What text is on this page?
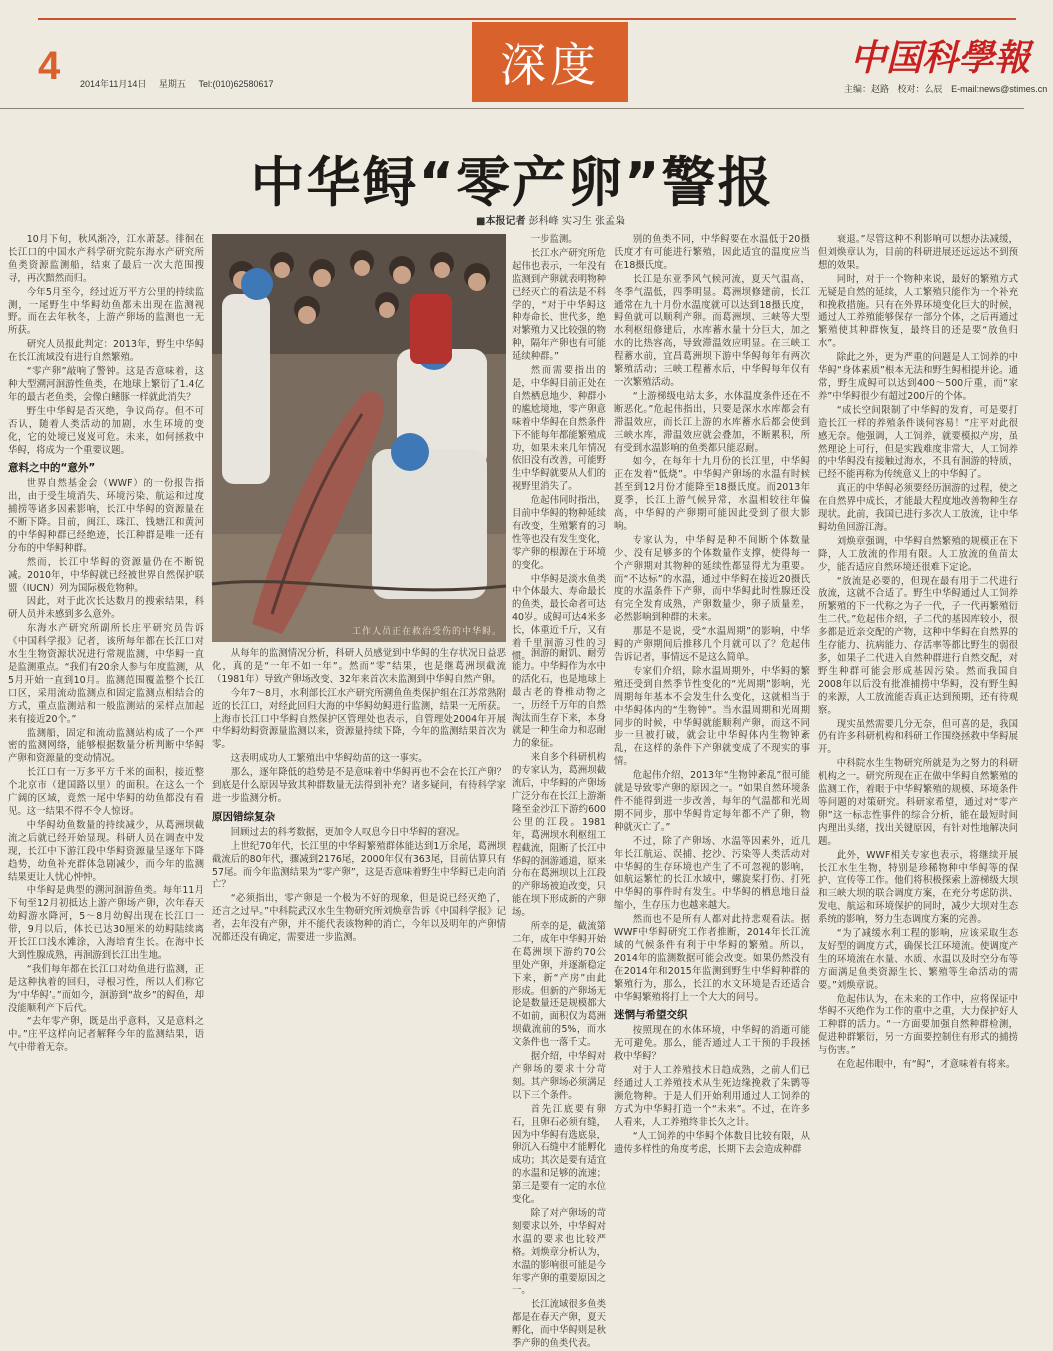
4 2014年11月14日 星期五 Tel:(010)62580617	深度	中国科學報
主编：赵路 校对：么辰 E-mail:news@stimes.cn
中华鲟“零产卵”警报
■本报记者 彭科峰 实习生 张孟枭

10月下旬，秋风渐冷，江水萧瑟。徘徊在长江口的中国水产科学研究院东海水产研究所鱼类资源监测船，结束了最后一次大范围搜寻，再次黯然而归。

今年5月至今，经过近万平方公里的持续监测，一尾野生中华鲟幼鱼都未出现在监测视野。而在去年秋冬，上游产卵场的监测也一无所获。

研究人员报此判定：2013年，野生中华鲟在长江流域没有进行自然繁殖。

“零产卵”敲响了警钟。这是否意味着，这种大型溯河洄游性鱼类，在地球上繁衍了1.4亿年的最古老鱼类，会像白鳍豚一样就此消失？

野生中华鲟是否灭绝，争议尚存。但不可否认，随着人类活动的加剧，水生环境的变化，它的处境已岌岌可危。未来，如何拯救中华鲟，将成为一个重要议题。

意料之中的“意外”

世界自然基金会（WWF）的一份报告指出，由于受生境消失、环境污染、航运和过度捕捞等诸多因素影响，长江中华鲟的资源量在不断下降。目前，闽江、珠江、钱塘江和黄河的中华鲟种群已经绝迹，长江种群是唯一还有分布的中华鲟种群。

然而，长江中华鲟的资源量仍在不断锐减。2010年，中华鲟就已经被世界自然保护联盟（IUCN）列为国际极危物种。

因此，对于此次长达数月的搜索结果，科研人员并未感到多么意外。

东海水产研究所副所长庄平研究员告诉《中国科学报》记者，该所每年都在长江口对水生生物资源状况进行常规监测，中华鲟一直是监测重点。“我们有20余人参与年度监测，从5月开始一直到10月。监测范围覆盖整个长江口区，采用流动监测点和固定监测点相结合的方式，重点监测站和一般监测站的采样点加起来有接近20个。”

监测船，固定和流动监测站构成了一个严密的监测网络，能够根据数量分析判断中华鲟产卵和资源量的变动情况。

长江口有一万多平方千米的面积，接近整个北京市（建国路以里）的面积。在这么一个广阔的区域，竟然一尾中华鲟的幼鱼都没有看见。这一结果不得不令人惊讶。

中华鲟幼鱼数量的持续减少，从葛洲坝截流之后就已经开始显现。科研人员在调查中发现，长江中下游江段中华鲟资源量呈逐年下降趋势，幼鱼补充群体急剧减少，而今年的监测结果更让人忧心忡忡。

中华鲟是典型的溯河洄游鱼类。每年11月下旬至12月初抵达上游产卵场产卵，次年春天幼鲟游水降河，5～8月幼鲟出现在长江口一带，9月以后，体长已达30厘米的幼鲟陆续离开长江口浅水滩涂，入海培育生长。在海中长大到性腺成熟，再洄游到长江出生地。

“我们每年都在长江口对幼鱼进行监测，正是这种执着的回归，寻根习性，所以人们称它为‘中华鲟’。”而如今，洄游到“故乡”的鲟鱼，却没能顺利产下后代。

“去年零产卵，既是出乎意料，又是意料之中。”庄平这样向记者解释今年的监测结果，语气中带着无奈。

工作人员正在救治受伤的中华鲟。

一步监测。

长江水产研究所危起伟也表示，一年没有监测到产卵就表明物种已经灭亡的看法是不科学的，“对于中华鲟这种寿命长、世代多，绝对繁殖力又比较强的物种，隔年产卵也有可能延续种群。”

然而需要指出的是，中华鲟目前正处在自然栖息地少、种群小的尴尬境地，零产卵意味着中华鲟在自然条件下不能每年都能繁殖成功，如果未来几年情况依旧没有改善，可能野生中华鲟就要从人们的视野里消失了。

危起伟同时指出，目前中华鲟的物种延续有改变，生殖繁育的习性等也没有发生变化，零产卵的根源在于环境的变化。

中华鲟是淡水鱼类中个体最大、寿命最长的鱼类，最长命者可达40岁。成鲟可达4米多长，体重近千斤，又有着千里洄游习性的习惯。

从每年的监测情况分析，科研人员感觉到中华鲟的生存状况日益恶化，真的是“一年不如一年”。然而“零”结果，也是继葛洲坝截流（1981年）导致产卵场改变、32年来首次未监测到中华鲟自然产卵。

今年7～8月，水利部长江水产研究所溯鱼鱼类保护组在江苏常熟附近的长江口，对经此回归大海的中华鲟幼鲟进行监测，结果一无所获。上海市长江口中华鲟自然保护区管理处也表示，自管理处2004年开展中华鲟幼鲟资源量监测以来，资源量持续下降，今年的监测结果首次为零。

这表明成功人工繁殖出中华鲟幼苗的这一事实。

那么，逐年降低的趋势是不是意味着中华鲟再也不会在长江产卵？到底是什么原因导致其种群数量无法得到补充？诸多疑问，有待科学家进一步监测分析。

原因错综复杂

回顾过去的科考数据，更加令人叹息今日中华鲟的窘况。

上世纪70年代，长江里的中华鲟繁殖群体能达到1万余尾，葛洲坝截流后的80年代，骤减到2176尾，2000年仅有363尾，目前估算只有57尾。而今年监测结果为“零产卵”，这是否意味着野生中华鲟已走向消亡？

“必须指出，零产卵是一个极为不好的现象，但是说已经灭绝了，还言之过早。”中科院武汉水生生物研究所刘焕章告诉《中国科学报》记者，去年没有产卵，并不能代表该物种的消亡，今年以及明年的产卵情况都还没有确定，需要进一步监测。

洄游的耐饥、耐劳能力。中华鲟作为水中的活化石，也是地球上最古老的脊椎动物之一，历经千万年的自然淘汰而生存下来，本身就是一种生命力和忍耐力的象征。

来自多个科研机构的专家认为，葛洲坝截流后，中华鲟的产卵场广泛分布在长江上游渐隆至金沙江下游约600公里的江段。1981年，葛洲坝水利枢纽工程截流，阻断了长江中华鲟的洄游通道，原来分布在葛洲坝以上江段的产卵场被迫改变，只能在坝下形成新的产卵场。

所幸的是，截流第二年，成年中华鲟开始在葛洲坝下游约70公里处产卵，并逐渐稳定下来，新“产房”由此形成。但新的产卵场无论是数量还是规模都大不如前，面积仅为葛洲坝截流前的5%，而水文条件也一落千丈。

据介绍，中华鲟对产卵场的要求十分苛刻。其产卵场必须满足以下三个条件。

首先江底要有卵石，且卵石必须有缝，因为中华鲟有选底泉，卵沉入石缝中才能孵化成功；其次是要有适宜的水温和足够的流速；第三是要有一定的水位变化。

除了对产卵场的苛刻要求以外，中华鲟对水温的要求也比较严格。刘焕章分析认为，水温的影响很可能是今年零产卵的重要原因之一。

长江流域很多鱼类都是在春天产卵，夏天孵化，而中华鲟则是秋季产卵的鱼类代表。

别的鱼类不同，中华鲟要在水温低于20摄氏度才有可能进行繁殖，因此适宜的温度应当在18摄氏度。

长江是东亚季风气候河流，夏天气温高，冬季气温低，四季明显。葛洲坝修建前，长江通常在九十月份水温度就可以达到18摄氏度，鲟鱼就可以顺利产卵。而葛洲坝、三峡等大型水利枢纽修建后，水库蓄水量十分巨大，加之水的比热容高，导致滞温效应明显。在三峡工程蓄水前，宜昌葛洲坝下游中华鲟每年有两次繁殖活动；三峡工程蓄水后，中华鲟每年仅有一次繁殖活动。

“上游梯级电站太多，水体温度条件还在不断恶化。”危起伟指出，只要是深水水库都会有滞温效应，而长江上游的水库蓄水后都会使到三峡水库，滞温效应就会叠加，不断累积，所有受到水温影响的鱼类都只能忍耐。

如今，在每年十九月份的长江里，中华鲟正在发着“低烧”。中华鲟产卵场的水温有时候甚至到12月份才能降至18摄氏度。而2013年夏季，长江上游气候异常，水温相较往年偏高，中华鲟的产卵期可能因此受到了很大影响。

专家认为，中华鲟是种不间断个体数量少、没有足够多的个体数量作支撑，使得每一个产卵期对其物种的延续性都显得尤为重要。而“不达标”的水温，通过中华鲟在接近20摄氏度的水温条件下产卵，而中华鲟此时性腺还没有完全发育成熟，产卵数量少，卵子质量差，必然影响到种群的未来。

那是不是说，受“水温周期”的影响，中华鲟的产卵期间后推移几个月就可以了？危起伟告诉记者，事情远不是这么简单。

专家们介绍，除水温周期外，中华鲟的繁殖还受到自然季节性变化的“光周期”影响，光周期每年基本不会发生什么变化，这就相当于中华鲟体内的“生物钟”。当水温周期和光周期同步的时候，中华鲟就能顺利产卵，而这不同步一旦被打破，就会让中华鲟体内生物钟紊乱，在这样的条件下产卵就变成了不现实的事情。

危起伟介绍，2013年“生物钟紊乱”很可能就是导致零产卵的原因之一。“如果自然环境条件不能得到进一步改善，每年的气温都和光周期不同步，那中华鲟肯定每年都不产了卵，物种就灭亡了。”

不过，除了产卵场、水温等因素外，近几年长江航运、误捕、挖沙、污染等人类活动对中华鲟的生存环境也产生了不可忽视的影响，如航运繁忙的长江水域中，螺旋桨打伤、打死中华鲟的事件时有发生。中华鲟的栖息地日益缩小，生存压力也越来越大。

然而也不是所有人都对此持悲观看法。据WWF中华鲟研究工作者推断，2014年长江流域的气候条件有利于中华鲟的繁殖。所以，2014年的监测数据可能会改变。如果仍然没有在2014年和2015年监测到野生中华鲟种群的繁殖行为，那么，长江的水文环境是否还适合中华鲟繁殖将打上一个大大的问号。

迷惘与希望交织

按照现在的水体环境，中华鲟的消逝可能无可避免。那么，能否通过人工干预的手段拯救中华鲟？

对于人工养殖技术日趋成熟，之前人们已经通过人工养殖技术从生死边缘挽救了朱鹮等濒危物种。于是人们开始利用通过人工饲养的方式为中华鲟打造一个“未来”。不过，在许多人看来，人工养殖终非长久之计。

“人工饲养的中华鲟个体数目比较有限，从遗传多样性的角度考虑，长期下去会造成种群

衰退。”尽管这种不利影响可以想办法减缓，但刘焕章认为，目前的科研进展还远远达不到预想的效果。

同时，对于一个物种来说，最好的繁殖方式无疑是自然的延续，人工繁殖只能作为一个补充和挽救措施。只有在外界环境变化巨大的时候，通过人工养殖能够保存一部分个体，之后再通过繁殖使其种群恢复，最终目的还是要“放鱼归水”。

除此之外，更为严重的问题是人工饲养的中华鲟“身体素质”根本无法和野生鲟相提并论。通常，野生成鲟可以达到400～500斤重，而“家养”中华鲟很少有超过200斤的个体。

“成长空间限制了中华鲟的发育，可是要打造长江一样的养殖条件谈何容易！”庄平对此很感无奈。他强调，人工饲养，就要模拟产房，虽然理论上可行，但是实践难度非常大，人工饲养的中华鲟没有接触过海水，不具有洄游的特质，已经不能再称为传统意义上的中华鲟了。

真正的中华鲟必须要经历洄游的过程，使之在自然界中成长，才能最大程度地改善物种生存现状。此前，我国已进行多次人工放流，让中华鲟幼鱼回游江海。

刘焕章强调，中华鲟自然繁殖的规模正在下降，人工放流的作用有限。人工放流的鱼苗太少，能否适应自然环境还很难下定论。

“放流是必要的，但现在最有用于二代进行放流，这就不合适了。野生中华鲟通过人工饲养所繁殖的下一代称之为子一代，子一代再繁殖衍生二代。”危起伟介绍，子二代的基因库较小，很多都是近亲交配的产物，这种中华鲟在自然界的生存能力、抗病能力、存活率等都比野生的弱很多，如果子二代进入自然种群进行自然交配，对野生种群可能会形成基因污染。然而我国自2008年以后没有批准捕捞中华鲟，没有野生鲟的来源，人工放流能否真正达到预期，还有待观察。

现实虽然需要几分无奈，但可喜的是，我国仍有许多科研机构和科研工作围绕拯救中华鲟展开。

中科院水生生物研究所就是为之努力的科研机构之一。研究所现在正在做中华鲟自然繁殖的监测工作，着眼于中华鲟繁殖的规模、环境条件等问题的对策研究。科研家希望，通过对“零产卵”这一标志性事件的综合分析，能在最短时间内理出头绪，找出关键原因，有针对性地解决问题。

此外，WWF相关专家也表示，将继续开展长江水生生物，特别是珍稀物种中华鲟等的保护、宣传等工作。他们将积极探索上游梯级大坝和三峡大坝的联合调度方案，在充分考虑防洪、发电、航运和环境保护的同时，减少大坝对生态系统的影响，努力生态调度方案的完善。

“为了减缓水利工程的影响，应该采取生态友好型的调度方式，确保长江环境流。使调度产生的环境流在水量、水质、水温以及时空分布等方面满足鱼类资源生长、繁殖等生命活动的需要。”刘焕章说。

危起伟认为，在未来的工作中，应将保证中华鲟不灭绝作为工作的重中之重，大力保护好人工种群的活力。“一方面要加强自然种群检测，促进种群繁衍，另一方面要控制住有形式的捕捞与伤害。”

在危起伟眼中，有“鲟”，才意味着有将来。
